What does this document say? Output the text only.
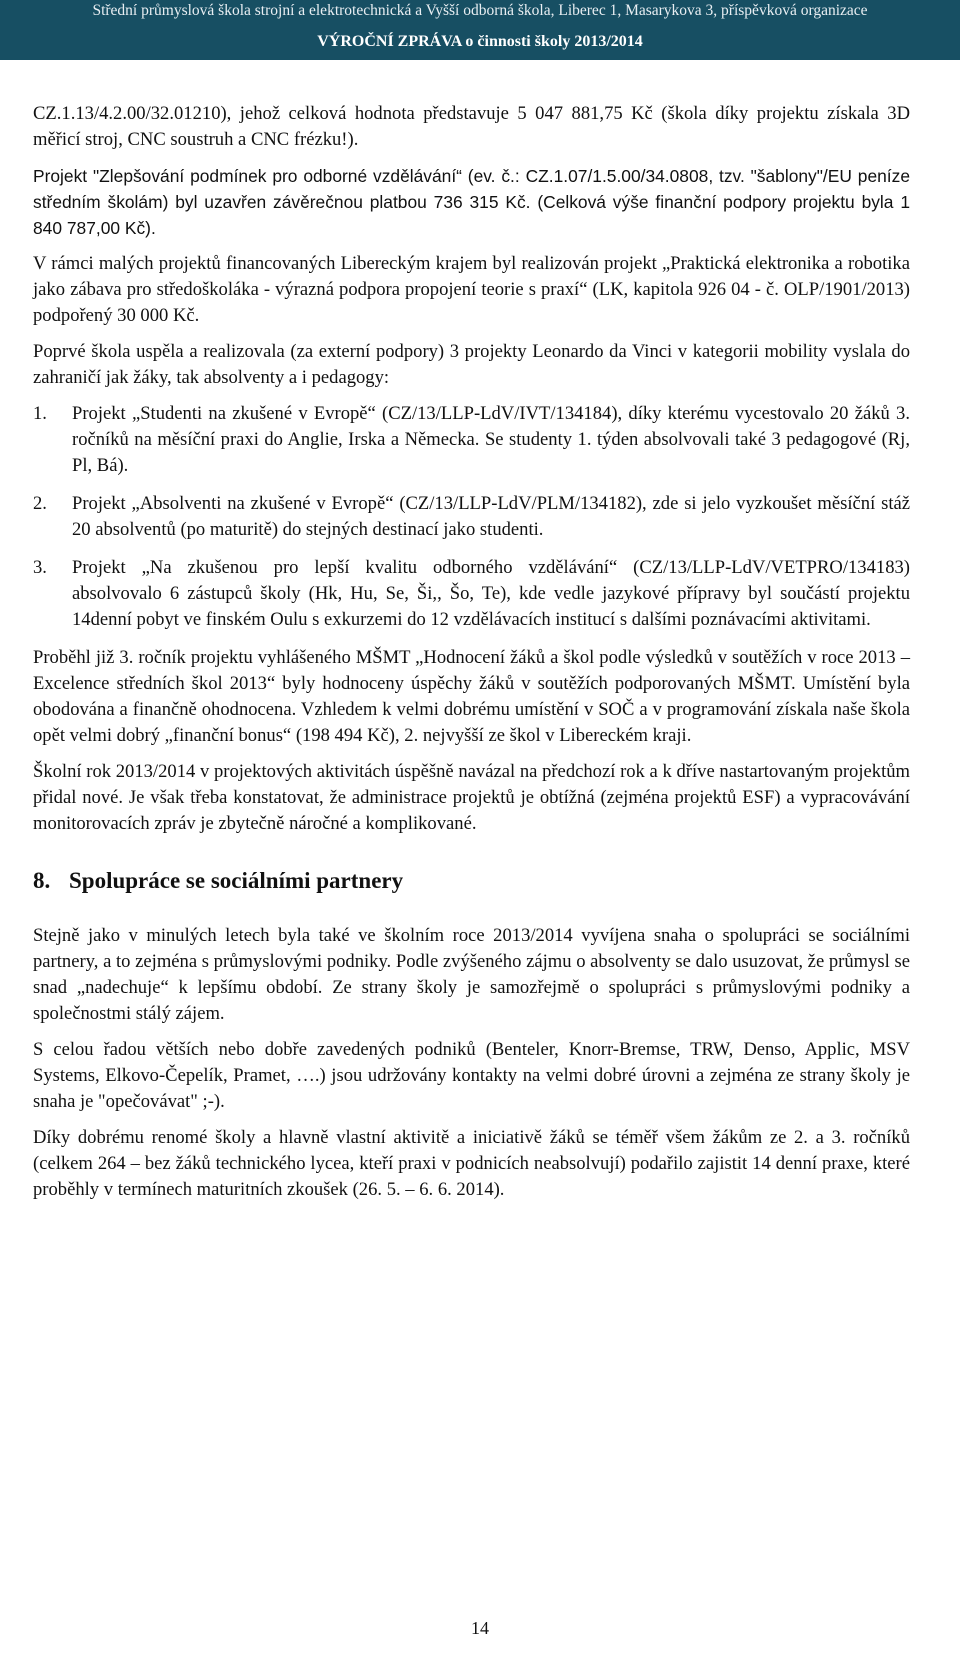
Střední průmyslová škola strojní a elektrotechnická a Vyšší odborná škola, Liberec 1, Masarykova 3, příspěvková organizace
VÝROČNÍ ZPRÁVA o činnosti školy 2013/2014

CZ.1.13/4.2.00/32.01210), jehož celková hodnota představuje 5 047 881,75 Kč (škola díky projektu získala 3D měřicí stroj, CNC soustruh a CNC frézku!).

Projekt "Zlepšování podmínek pro odborné vzdělávání“ (ev. č.: CZ.1.07/1.5.00/34.0808, tzv. "šablony"/EU peníze středním školám) byl uzavřen závěrečnou platbou 736 315 Kč. (Celková výše finanční podpory projektu byla 1 840 787,00 Kč).

V rámci malých projektů financovaných Libereckým krajem byl realizován projekt „Praktická elektronika a robotika jako zábava pro středoškoláka - výrazná podpora propojení teorie s praxí“ (LK, kapitola 926 04 - č. OLP/1901/2013) podpořený 30 000 Kč.

Poprvé škola uspěla a realizovala (za externí podpory) 3 projekty Leonardo da Vinci v kategorii mobility vyslala do zahraničí jak žáky, tak absolventy a i pedagogy:

1. Projekt „Studenti na zkušené v Evropě“ (CZ/13/LLP-LdV/IVT/134184), díky kterému vycestovalo 20 žáků 3. ročníků na měsíční praxi do Anglie, Irska a Německa. Se studenty 1. týden absolvovali také 3 pedagogové (Rj, Pl, Bá).
2. Projekt „Absolventi na zkušené v Evropě“ (CZ/13/LLP-LdV/PLM/134182), zde si jelo vyzkoušet měsíční stáž 20 absolventů (po maturitě) do stejných destinací jako studenti.
3. Projekt „Na zkušenou pro lepší kvalitu odborného vzdělávání“ (CZ/13/LLP-LdV/VETPRO/134183) absolvovalo 6 zástupců školy (Hk, Hu, Se, Ši,, Šo, Te), kde vedle jazykové přípravy byl součástí projektu 14denní pobyt ve finském Oulu s exkurzemi do 12 vzdělávacích institucí s dalšími poznávacími aktivitami.

Proběhl již 3. ročník projektu vyhlášeného MŠMT „Hodnocení žáků a škol podle výsledků v soutěžích v roce 2013 – Excelence středních škol 2013“ byly hodnoceny úspěchy žáků v soutěžích podporovaných MŠMT. Umístění byla obodována a finančně ohodnocena. Vzhledem k velmi dobrému umístění v SOČ a v programování získala naše škola opět velmi dobrý „finanční bonus“ (198 494 Kč), 2. nejvyšší ze škol v Libereckém kraji.

Školní rok 2013/2014 v projektových aktivitách úspěšně navázal na předchozí rok a k dříve nastartovaným projektům přidal nové. Je však třeba konstatovat, že administrace projektů je obtížná (zejména projektů ESF) a vypracovávání monitorovacích zpráv je zbytečně náročné a komplikované.

8. Spolupráce se sociálními partnery

Stejně jako v minulých letech byla také ve školním roce 2013/2014 vyvíjena snaha o spolupráci se sociálními partnery, a to zejména s průmyslovými podniky. Podle zvýšeného zájmu o absolventy se dalo usuzovat, že průmysl se snad „nadechuje“ k lepšímu období. Ze strany školy je samozřejmě o spolupráci s průmyslovými podniky a společnostmi stálý zájem.

S celou řadou větších nebo dobře zavedených podniků (Benteler, Knorr-Bremse, TRW, Denso, Applic, MSV Systems, Elkovo-Čepelík, Pramet, ….) jsou udržovány kontakty na velmi dobré úrovni a zejména ze strany školy je snaha je "opečovávat" ;-).

Díky dobrému renomé školy a hlavně vlastní aktivitě a iniciativě žáků se téměř všem žákům ze 2. a 3. ročníků (celkem 264 – bez žáků technického lycea, kteří praxi v podnicích neabsolvují) podařilo zajistit 14 denní praxe, které proběhly v termínech maturitních zkoušek (26. 5. – 6. 6. 2014).

14
